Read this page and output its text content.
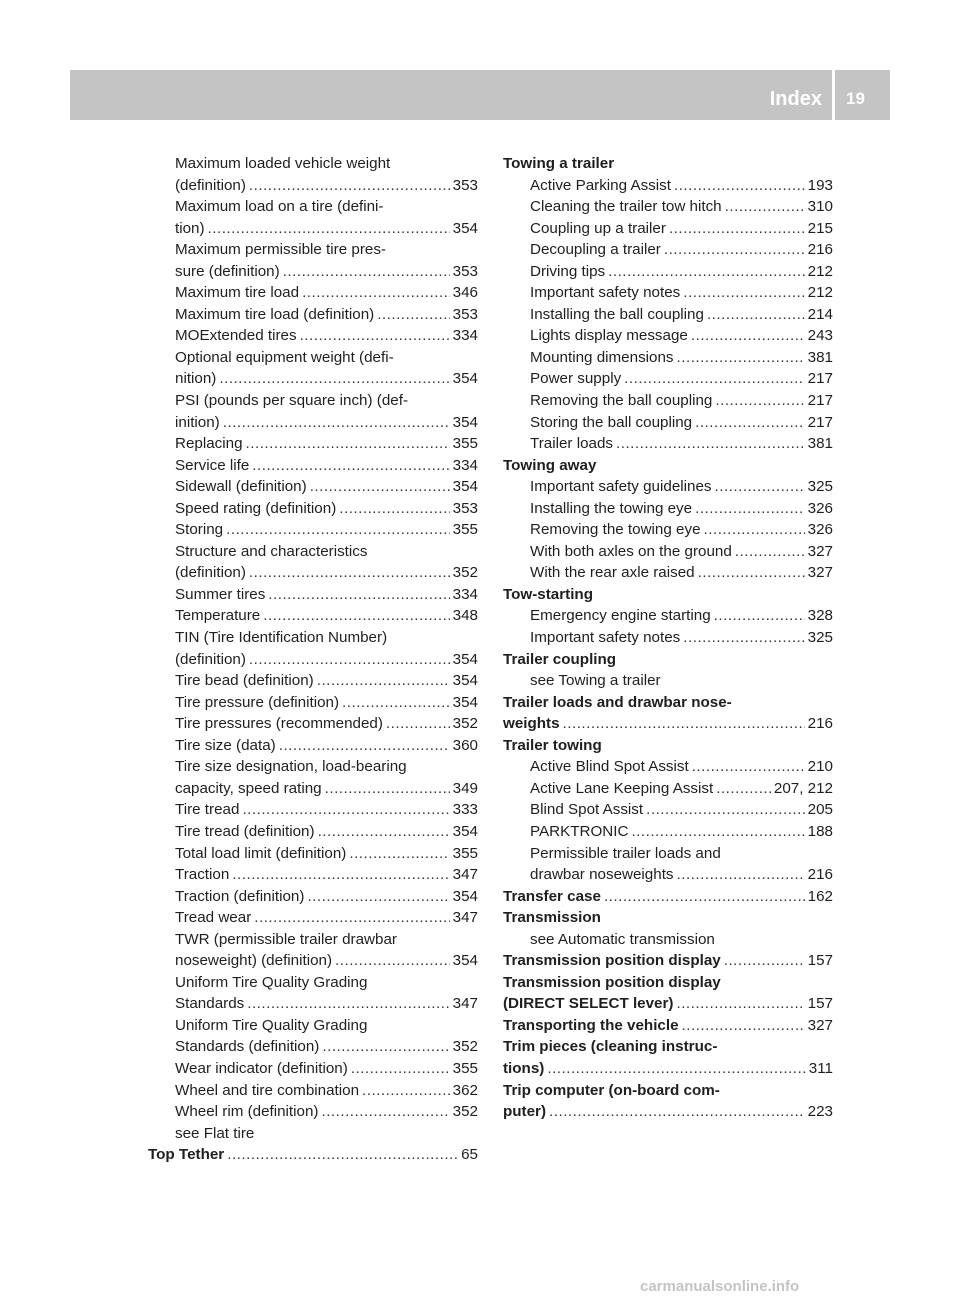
Index 19
Maximum loaded vehicle weight
(definition) .....	353
Maximum load on a tire (defini-
tion) .....	354
Maximum permissible tire pres-
sure (definition) .....	353
Maximum tire load .....	346
Maximum tire load (definition) .....	353
MOExtended tires .....	334
Optional equipment weight (defi-
nition) .....	354
PSI (pounds per square inch) (def-
inition) .....	354
Replacing .....	355
Service life .....	334
Sidewall (definition) .....	354
Speed rating (definition) .....	353
Storing .....	355
Structure and characteristics
(definition) .....	352
Summer tires .....	334
Temperature .....	348
TIN (Tire Identification Number)
(definition) .....	354
Tire bead (definition) .....	354
Tire pressure (definition) .....	354
Tire pressures (recommended) .....	352
Tire size (data) .....	360
Tire size designation, load-bearing
capacity, speed rating .....	349
Tire tread .....	333
Tire tread (definition) .....	354
Total load limit (definition) .....	355
Traction .....	347
Traction (definition) .....	354
Tread wear .....	347
TWR (permissible trailer drawbar
noseweight) (definition) .....	354
Uniform Tire Quality Grading
Standards .....	347
Uniform Tire Quality Grading
Standards (definition) .....	352
Wear indicator (definition) .....	355
Wheel and tire combination .....	362
Wheel rim (definition) .....	352
see Flat tire
Top Tether .....	65
Towing a trailer
Active Parking Assist .....	193
Cleaning the trailer tow hitch .....	310
Coupling up a trailer .....	215
Decoupling a trailer .....	216
Driving tips .....	212
Important safety notes .....	212
Installing the ball coupling .....	214
Lights display message .....	243
Mounting dimensions .....	381
Power supply .....	217
Removing the ball coupling .....	217
Storing the ball coupling .....	217
Trailer loads .....	381
Towing away
Important safety guidelines .....	325
Installing the towing eye .....	326
Removing the towing eye .....	326
With both axles on the ground .....	327
With the rear axle raised .....	327
Tow-starting
Emergency engine starting .....	328
Important safety notes .....	325
Trailer coupling
see Towing a trailer
Trailer loads and drawbar nose-
weights .....	216
Trailer towing
Active Blind Spot Assist .....	210
Active Lane Keeping Assist .....	207, 212
Blind Spot Assist .....	205
PARKTRONIC .....	188
Permissible trailer loads and
drawbar noseweights .....	216
Transfer case .....	162
Transmission
see Automatic transmission
Transmission position display .....	157
Transmission position display
(DIRECT SELECT lever) .....	157
Transporting the vehicle .....	327
Trim pieces (cleaning instruc-
tions) .....	311
Trip computer (on-board com-
puter) .....	223
carmanualsonline.info
